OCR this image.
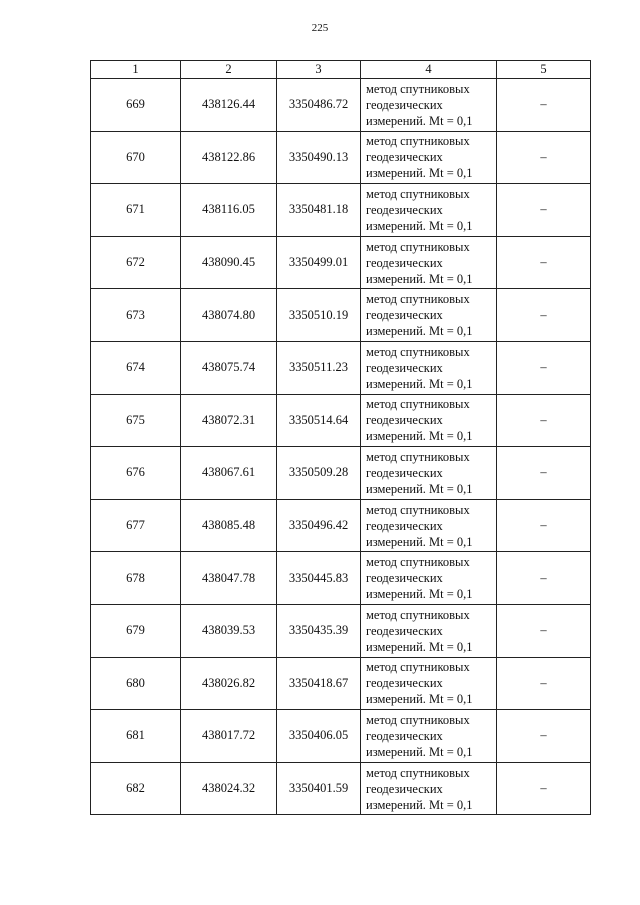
225
1	2	3	4	5
669	438126.44	3350486.72	метод спутниковых
геодезических
измерений. Mt = 0,1	–
670	438122.86	3350490.13	метод спутниковых
геодезических
измерений. Mt = 0,1	–
671	438116.05	3350481.18	метод спутниковых
геодезических
измерений. Mt = 0,1	–
672	438090.45	3350499.01	метод спутниковых
геодезических
измерений. Mt = 0,1	–
673	438074.80	3350510.19	метод спутниковых
геодезических
измерений. Mt = 0,1	–
674	438075.74	3350511.23	метод спутниковых
геодезических
измерений. Mt = 0,1	–
675	438072.31	3350514.64	метод спутниковых
геодезических
измерений. Mt = 0,1	–
676	438067.61	3350509.28	метод спутниковых
геодезических
измерений. Mt = 0,1	–
677	438085.48	3350496.42	метод спутниковых
геодезических
измерений. Mt = 0,1	–
678	438047.78	3350445.83	метод спутниковых
геодезических
измерений. Mt = 0,1	–
679	438039.53	3350435.39	метод спутниковых
геодезических
измерений. Mt = 0,1	–
680	438026.82	3350418.67	метод спутниковых
геодезических
измерений. Mt = 0,1	–
681	438017.72	3350406.05	метод спутниковых
геодезических
измерений. Mt = 0,1	–
682	438024.32	3350401.59	метод спутниковых
геодезических
измерений. Mt = 0,1	–
